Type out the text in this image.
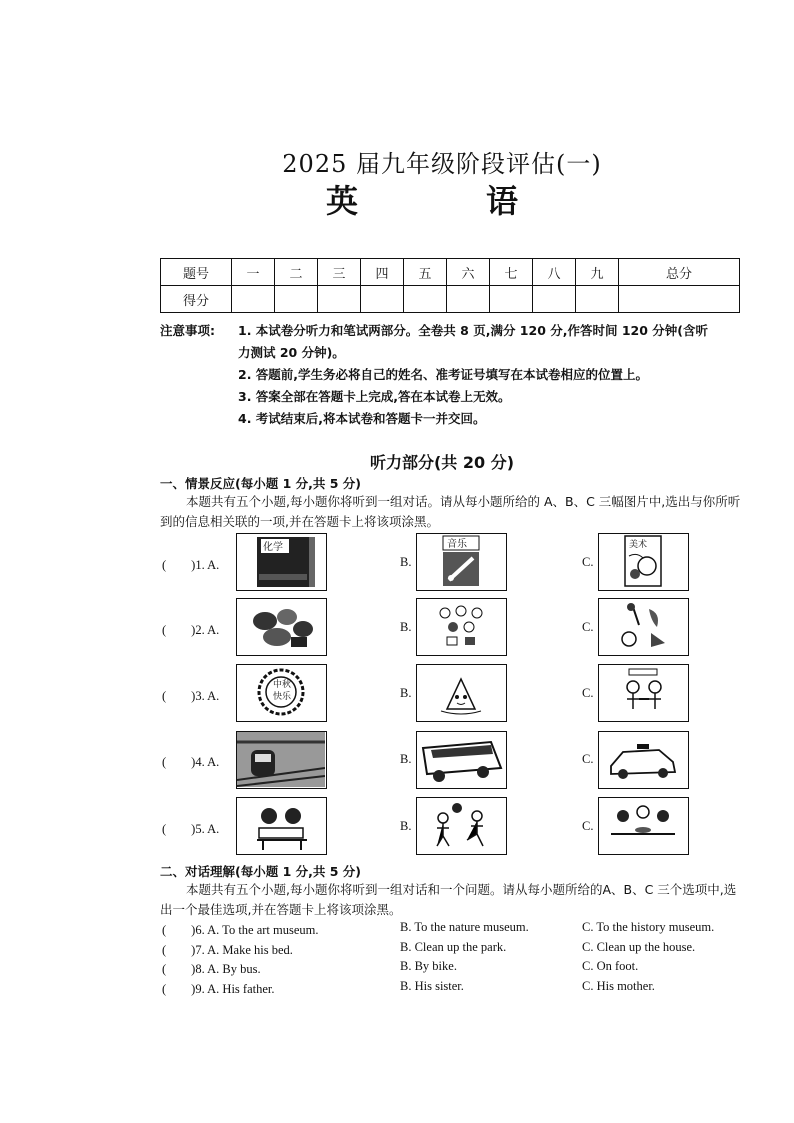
2025 届九年级阶段评估(一)
英　语
题号	一	二	三	四	五	六	七	八	九	总分
得分										
注意事项:	1. 本试卷分听力和笔试两部分。全卷共 8 页,满分 120 分,作答时间 120 分钟(含听
力测试 20 分钟)。
2. 答题前,学生务必将自己的姓名、准考证号填写在本试卷相应的位置上。
3. 答案全部在答题卡上完成,答在本试卷上无效。
4. 考试结束后,将本试卷和答题卡一并交回。
听力部分(共 20 分)
一、情景反应(每小题 1 分,共 5 分)
本题共有五个小题,每小题你将听到一组对话。请从每小题所给的 A、B、C 三幅图片中,选出与你所听到的信息相关联的一项,并在答题卡上将该项涂黑。
(　　)1. A.	B.	C.
(　　)2. A.	B.	C.
(　　)3. A.	B.	C.
(　　)4. A.	B.	C.
(　　)5. A.	B.	C.
化学	音乐	美术
中秋快乐
二、对话理解(每小题 1 分,共 5 分)
本题共有五个小题,每小题你将听到一组对话和一个问题。请从每小题所给的A、B、C 三个选项中,选出一个最佳选项,并在答题卡上将该项涂黑。
(　　)6. A. To the art museum.	B. To the nature museum.	C. To the history museum.
(　　)7. A. Make his bed.	B. Clean up the park.	C. Clean up the house.
(　　)8. A. By bus.	B. By bike.	C. On foot.
(　　)9. A. His father.	B. His sister.	C. His mother.
